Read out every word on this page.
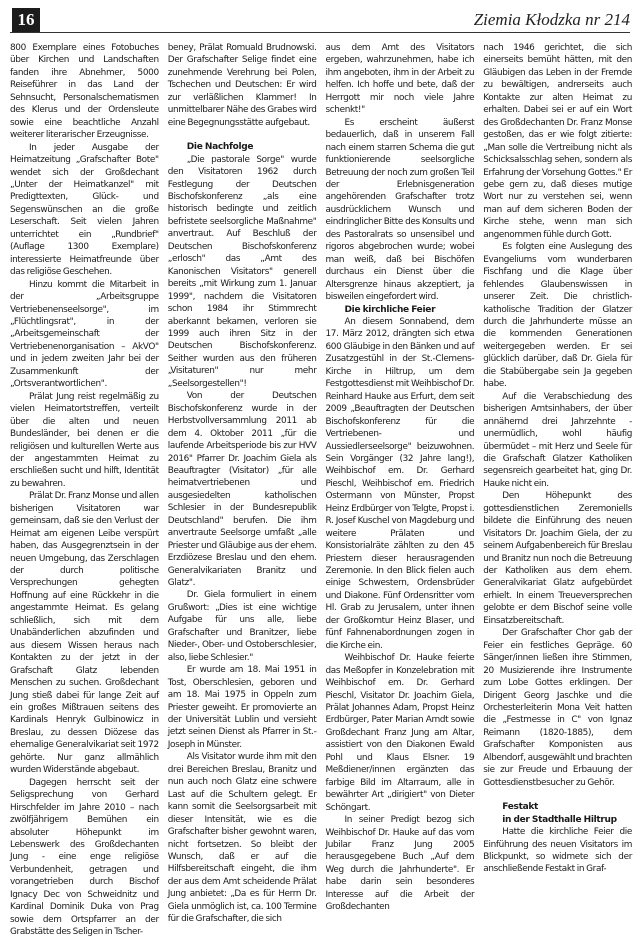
16	Ziemia Kłodzka nr 214

800 Exemplare eines Fotobuches über Kirchen und Landschaften fanden ihre Abnehmer, 5000 Reiseführer in das Land der Sehnsucht, Personalschematismen des Klerus und der Ordensleute sowie eine beachtliche Anzahl weiterer literarischer Erzeugnisse.

In jeder Ausgabe der Heimatzeitung „Grafschafter Bote" wendet sich der Großdechant „Unter der Heimatkanzel" mit Predigttexten, Glück- und Segenswünschen an die große Leserschaft. Seit vielen Jahren unterrichtet ein „Rundbrief" (Auflage 1300 Exemplare) interessierte Heimatfreunde über das religiöse Geschehen.

Hinzu kommt die Mitarbeit in der „Arbeitsgruppe Vertriebenenseelsorge", im „Flüchtlingsrat", in der „Arbeitsgemeinschaft der Vertriebenenorganisation – AkVO" und in jedem zweiten Jahr bei der Zusammenkunft der „Ortsverantwortlichen".

Prälat Jung reist regelmäßig zu vielen Heimatortstreffen, verteilt über die alten und neuen Bundesländer, bei denen er die religiösen und kulturellen Werte aus der angestammten Heimat zu erschließen sucht und hilft, Identität zu bewahren.

Prälat Dr. Franz Monse und allen bisherigen Visitatoren war gemeinsam, daß sie den Verlust der Heimat am eigenen Leibe verspürt haben, das Ausgegrenztsein in der neuen Umgebung, das Zerschlagen der durch politische Versprechungen gehegten Hoffnung auf eine Rückkehr in die angestammte Heimat. Es gelang schließlich, sich mit dem Unabänderlichen abzufinden und aus diesem Wissen heraus nach Kontakten zu der jetzt in der Grafschaft Glatz lebenden Menschen zu suchen. Großdechant Jung stieß dabei für lange Zeit auf ein großes Mißtrauen seitens des Kardinals Henryk Gulbinowicz in Breslau, zu dessen Diözese das ehemalige Generalvikariat seit 1972 gehörte. Nur ganz allmählich wurden Widerstände abgebaut.

Dagegen herrscht seit der Seligsprechung von Gerhard Hirschfelder im Jahre 2010 – nach zwölfjährigem Bemühen ein absoluter Höhepunkt im Lebenswerk des Großdechanten Jung - eine enge religiöse Verbundenheit, getragen und vorangetrieben durch Bischof Ignacy Dec von Schweidnitz und Kardinal Dominik Duka von Prag sowie dem Ortspfarrer an der Grabstätte des Seligen in Tscher-

beney, Prälat Romuald Brudnowski. Der Grafschafter Selige findet eine zunehmende Verehrung bei Polen, Tschechen und Deutschen: Er wird zur verläßlichen Klammer! In unmittelbarer Nähe des Grabes wird eine Begegnungsstätte aufgebaut.

Die Nachfolge

„Die pastorale Sorge" wurde den Visitatoren 1962 durch Festlegung der Deutschen Bischofskonferenz „als eine historisch bedingte und zeitlich befristete seelsorgliche Maßnahme" anvertraut. Auf Beschluß der Deutschen Bischofskonferenz „erlosch" das „Amt des Kanonischen Visitators" generell bereits „mit Wirkung zum 1. Januar 1999", nachdem die Visitatoren schon 1984 ihr Stimmrecht aberkannt bekamen, verloren sie 1999 auch ihren Sitz in der Deutschen Bischofskonferenz. Seither wurden aus den früheren „Visitaturen" nur mehr „Seelsorgestellen"!

Von der Deutschen Bischofskonferenz wurde in der Herbstvollversammlung 2011 ab dem 4. Oktober 2011 „für die laufende Arbeitsperiode bis zur HVV 2016" Pfarrer Dr. Joachim Giela als Beauftragter (Visitator) „für alle heimatvertriebenen und ausgesiedelten katholischen Schlesier in der Bundesrepublik Deutschland" berufen. Die ihm anvertraute Seelsorge umfaßt „alle Priester und Gläubige aus der ehem. Erzdiözese Breslau und den ehem. Generalvikariaten Branitz und Glatz".

Dr. Giela formuliert in einem Grußwort: „Dies ist eine wichtige Aufgabe für uns alle, liebe Grafschafter und Branitzer, liebe Nieder-, Ober- und Ostoberschlesier, also, liebe Schlesier."

Er wurde am 18. Mai 1951 in Tost, Oberschlesien, geboren und am 18. Mai 1975 in Oppeln zum Priester geweiht. Er promovierte an der Universität Lublin und versieht jetzt seinen Dienst als Pfarrer in St.-Joseph in Münster.

Als Visitator wurde ihm mit den drei Bereichen Breslau, Branitz und nun auch noch Glatz eine schwere Last auf die Schultern gelegt. Er kann somit die Seelsorgsarbeit mit dieser Intensität, wie es die Grafschafter bisher gewohnt waren, nicht fortsetzen. So bleibt der Wunsch, daß er auf die Hilfsbereitschaft eingeht, die ihm der aus dem Amt scheidende Prälat Jung anbietet: „Da es für Herrn Dr. Giela unmöglich ist, ca. 100 Termine für die Grafschafter, die sich

aus dem Amt des Visitators ergeben, wahrzunehmen, habe ich ihm angeboten, ihm in der Arbeit zu helfen. Ich hoffe und bete, daß der Herrgott mir noch viele Jahre schenkt!"

Es erscheint äußerst bedauerlich, daß in unserem Fall nach einem starren Schema die gut funktionierende seelsorgliche Betreuung der noch zum großen Teil der Erlebnisgeneration angehörenden Grafschafter trotz ausdrücklichem Wunsch und eindringlicher Bitte des Konsults und des Pastoralrats so unsensibel und rigoros abgebrochen wurde; wobei man weiß, daß bei Bischöfen durchaus ein Dienst über die Altersgrenze hinaus akzeptiert, ja bisweilen eingefordert wird.

Die kirchliche Feier

An diesem Sonnabend, dem 17. März 2012, drängten sich etwa 600 Gläubige in den Bänken und auf Zusatzgestühl in der St.-Clemens-Kirche in Hiltrup, um dem Festgottesdienst mit Weihbischof Dr. Reinhard Hauke aus Erfurt, dem seit 2009 „Beauftragten der Deutschen Bischofskonferenz für die Vertriebenen- und Aussiedlerseelsorge" beizuwohnen. Sein Vorgänger (32 Jahre lang!), Weihbischof em. Dr. Gerhard Pieschl, Weihbischof em. Friedrich Ostermann von Münster, Propst Heinz Erdbürger von Telgte, Propst i. R. Josef Kuschel von Magdeburg und weitere Prälaten und Konsistorialräte zählten zu den 45 Priestern dieser herausragenden Zeremonie. In den Blick fielen auch einige Schwestern, Ordensbrüder und Diakone. Fünf Ordensritter vom Hl. Grab zu Jerusalem, unter ihnen der Großkomtur Heinz Blaser, und fünf Fahnenabordnungen zogen in die Kirche ein.

Weihbischof Dr. Hauke feierte das Meßopfer in Konzelebration mit Weihbischof em. Dr. Gerhard Pieschl, Visitator Dr. Joachim Giela, Prälat Johannes Adam, Propst Heinz Erdbürger, Pater Marian Arndt sowie Großdechant Franz Jung am Altar, assistiert von den Diakonen Ewald Pohl und Klaus Elsner. 19 Meßdiener/innen ergänzten das farbige Bild im Altarraum, alle in bewährter Art „dirigiert" von Dieter Schöngart.

In seiner Predigt bezog sich Weihbischof Dr. Hauke auf das vom Jubilar Franz Jung 2005 herausgegebene Buch „Auf dem Weg durch die Jahrhunderte". Er habe darin sein besonderes Interesse auf die Arbeit der Großdechanten

nach 1946 gerichtet, die sich einerseits bemüht hätten, mit den Gläubigen das Leben in der Fremde zu bewältigen, andrerseits auch Kontakte zur alten Heimat zu erhalten. Dabei sei er auf ein Wort des Großdechanten Dr. Franz Monse gestoßen, das er wie folgt zitierte: „Man solle die Vertreibung nicht als Schicksalsschlag sehen, sondern als Erfahrung der Vorsehung Gottes." Er gebe gern zu, daß dieses mutige Wort nur zu verstehen sei, wenn man auf dem sicheren Boden der Kirche stehe, wenn man sich angenommen fühle durch Gott.

Es folgten eine Auslegung des Evangeliums vom wunderbaren Fischfang und die Klage über fehlendes Glaubenswissen in unserer Zeit. Die christlich-katholische Tradition der Glatzer durch die Jahrhunderte müsse an die kommenden Generationen weitergegeben werden. Er sei glücklich darüber, daß Dr. Giela für die Stabübergabe sein Ja gegeben habe.

Auf die Verabschiedung des bisherigen Amtsinhabers, der über annähernd drei Jahrzehnte - unermüdlich, wohl häufig übermüdet – mit Herz und Seele für die Grafschaft Glatzer Katholiken segensreich gearbeitet hat, ging Dr. Hauke nicht ein.

Den Höhepunkt des gottesdienstlichen Zeremoniells bildete die Einführung des neuen Visitators Dr. Joachim Giela, der zu seinem Aufgabenbereich für Breslau und Branitz nun noch die Betreuung der Katholiken aus dem ehem. Generalvikariat Glatz aufgebürdet erhielt. In einem Treueversprechen gelobte er dem Bischof seine volle Einsatzbereitschaft.

Der Grafschafter Chor gab der Feier ein festliches Gepräge. 60 Sänger/innen ließen ihre Stimmen, 20 Musizierende ihre Instrumente zum Lobe Gottes erklingen. Der Dirigent Georg Jaschke und die Orchesterleiterin Mona Veit hatten die „Festmesse in C" von Ignaz Reimann (1820-1885), dem Grafschafter Komponisten aus Albendorf, ausgewählt und brachten sie zur Freude und Erbauung der Gottesdienstbesucher zu Gehör.

Festakt
in der Stadthalle Hiltrup

Hatte die kirchliche Feier die Einführung des neuen Visitators im Blickpunkt, so widmete sich der anschließende Festakt in Graf-
